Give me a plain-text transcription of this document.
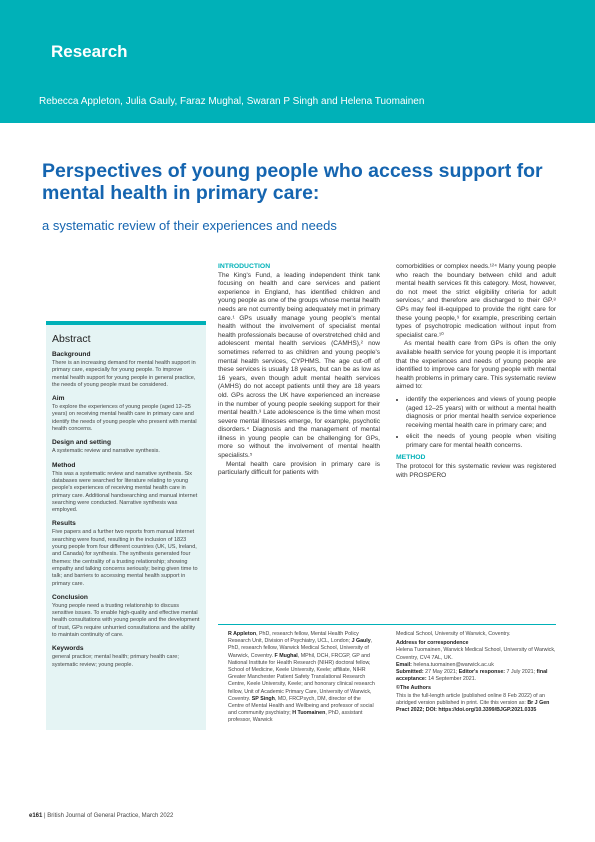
Research

Rebecca Appleton, Julia Gauly, Faraz Mughal, Swaran P Singh and Helena Tuomainen

Perspectives of young people who access support for mental health in primary care:

a systematic review of their experiences and needs

Abstract
Background

There is an increasing demand for mental health support in primary care, especially for young people. To improve mental health support for young people in general practice, the needs of young people must be considered.

Aim

To explore the experiences of young people (aged 12–25 years) on receiving mental health care in primary care and identify the needs of young people who present with mental health concerns.

Design and setting

A systematic review and narrative synthesis.

Method

This was a systematic review and narrative synthesis. Six databases were searched for literature relating to young people's experiences of receiving mental health care in primary care. Additional handsearching and manual internet searching were conducted. Narrative synthesis was employed.

Results

Five papers and a further two reports from manual internet searching were found, resulting in the inclusion of 1823 young people from four different countries (UK, US, Ireland, and Canada) for synthesis. The synthesis generated four themes: the centrality of a trusting relationship; showing empathy and talking concerns seriously; being given time to talk; and barriers to accessing mental health support in primary care.

Conclusion

Young people need a trusting relationship to discuss sensitive issues. To enable high-quality and effective mental health consultations with young people and the development of trust, GPs require unhurried consultations and the ability to maintain continuity of care.

Keywords

general practice; mental health; primary health care; systematic review; young people.

INTRODUCTION

The King's Fund, a leading independent think tank focusing on health and care services and patient experience in England, has identified children and young people as one of the groups whose mental health needs are not currently being adequately met in primary care.¹ GPs usually manage young people's mental health without the involvement of specialist mental health professionals because of overstretched child and adolescent mental health services (CAMHS),² now sometimes referred to as children and young people's mental health services, CYPHMS. The age cut-off of these services is usually 18 years, but can be as low as 16 years, even though adult mental health services (AMHS) do not accept patients until they are 18 years old. GPs across the UK have experienced an increase in the number of young people seeking support for their mental health.³ Late adolescence is the time when most severe mental illnesses emerge, for example, psychotic disorders.⁴ Diagnosis and the management of mental illness in young people can be challenging for GPs, more so without the involvement of mental health specialists.⁵

Mental health care provision in primary care is particularly difficult for patients with

comorbidities or complex needs.¹²⁴ Many young people who reach the boundary between child and adult mental health services fit this category. Most, however, do not meet the strict eligibility criteria for adult services,⁷ and therefore are discharged to their GP.⁸ GPs may feel ill-equipped to provide the right care for these young people,⁹ for example, prescribing certain types of psychotropic medication without input from specialist care.¹⁰

As mental health care from GPs is often the only available health service for young people it is important that the experiences and needs of young people are identified to improve care for young people with mental health problems in primary care. This systematic review aimed to:

• identify the experiences and views of young people (aged 12–25 years) with or without a mental health diagnosis or prior mental health service experience receiving mental health care in primary care; and
• elicit the needs of young people when visiting primary care for mental health concerns.
METHOD

The protocol for this systematic review was registered with PROSPERO

R Appleton, PhD, research fellow, Mental Health Policy Research Unit, Division of Psychiatry, UCL, London; J Gauly, PhD, research fellow, Warwick Medical School, University of Warwick, Coventry. F Mughal, MPhil, DCH, FRCGP, GP and National Institute for Health Research (NIHR) doctoral fellow, School of Medicine, Keele University, Keele; affiliate, NIHR Greater Manchester Patient Safety Translational Research Centre, Keele University, Keele; and honorary clinical research fellow, Unit of Academic Primary Care, University of Warwick, Coventry. SP Singh, MD, FRCPsych, DM, director of the Centre of Mental Health and Wellbeing and professor of social and community psychiatry; H Tuomainen, PhD, assistant professor, Warwick
Medical School, University of Warwick, Coventry.
Address for correspondence
Helena Tuomainen, Warwick Medical School, University of Warwick, Coventry, CV4 7AL, UK.
Email: helena.tuomainen@warwick.ac.uk
Submitted: 27 May 2021; Editor's response: 7 July 2021; final acceptance: 14 September 2021.
©The Authors
This is the full-length article (published online 8 Feb 2022) of an abridged version published in print. Cite this version as: Br J Gen Pract 2022; DOI: https://doi.org/10.3399/BJGP.2021.0335
e161 | British Journal of General Practice, March 2022
